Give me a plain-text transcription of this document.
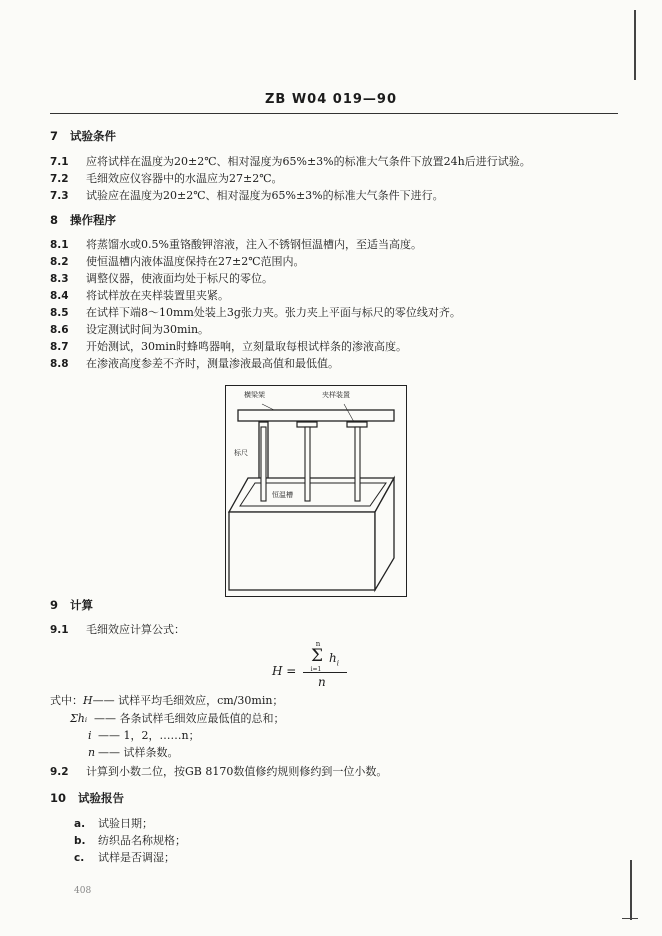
ZB W04 019—90
7 试验条件
7.1 应将试样在温度为20±2℃、相对湿度为65%±3%的标准大气条件下放置24h后进行试验。
7.2 毛细效应仪容器中的水温应为27±2℃。
7.3 试验应在温度为20±2℃、相对湿度为65%±3%的标准大气条件下进行。
8 操作程序
8.1 将蒸馏水或0.5%重铬酸钾溶液，注入不锈钢恒温槽内，至适当高度。
8.2 使恒温槽内液体温度保持在27±2℃范围内。
8.3 调整仪器，使液面均处于标尺的零位。
8.4 将试样放在夹样装置里夹紧。
8.5 在试样下端8～10mm处装上3g张力夹。张力夹上平面与标尺的零位线对齐。
8.6 设定测试时间为30min。
8.7 开始测试，30min时蜂鸣器响，立刻量取每根试样条的渗液高度。
8.8 在渗液高度参差不齐时，测量渗液最高值和最低值。
横梁架	夹样装置
标尺
恒温槽
9 计算
9.1 毛细效应计算公式：
H =
n
Σ
i=1
$h_i$
n
式中：H—— 试样平均毛细效应，cm/30min；
Σhᵢ —— 各条试样毛细效应最低值的总和；
i —— 1，2，……n；
n —— 试样条数。
9.2 计算到小数二位，按GB 8170数值修约规则修约到一位小数。
10 试验报告
a. 试验日期；
b. 纺织品名称规格；
c. 试样是否调湿；
408
